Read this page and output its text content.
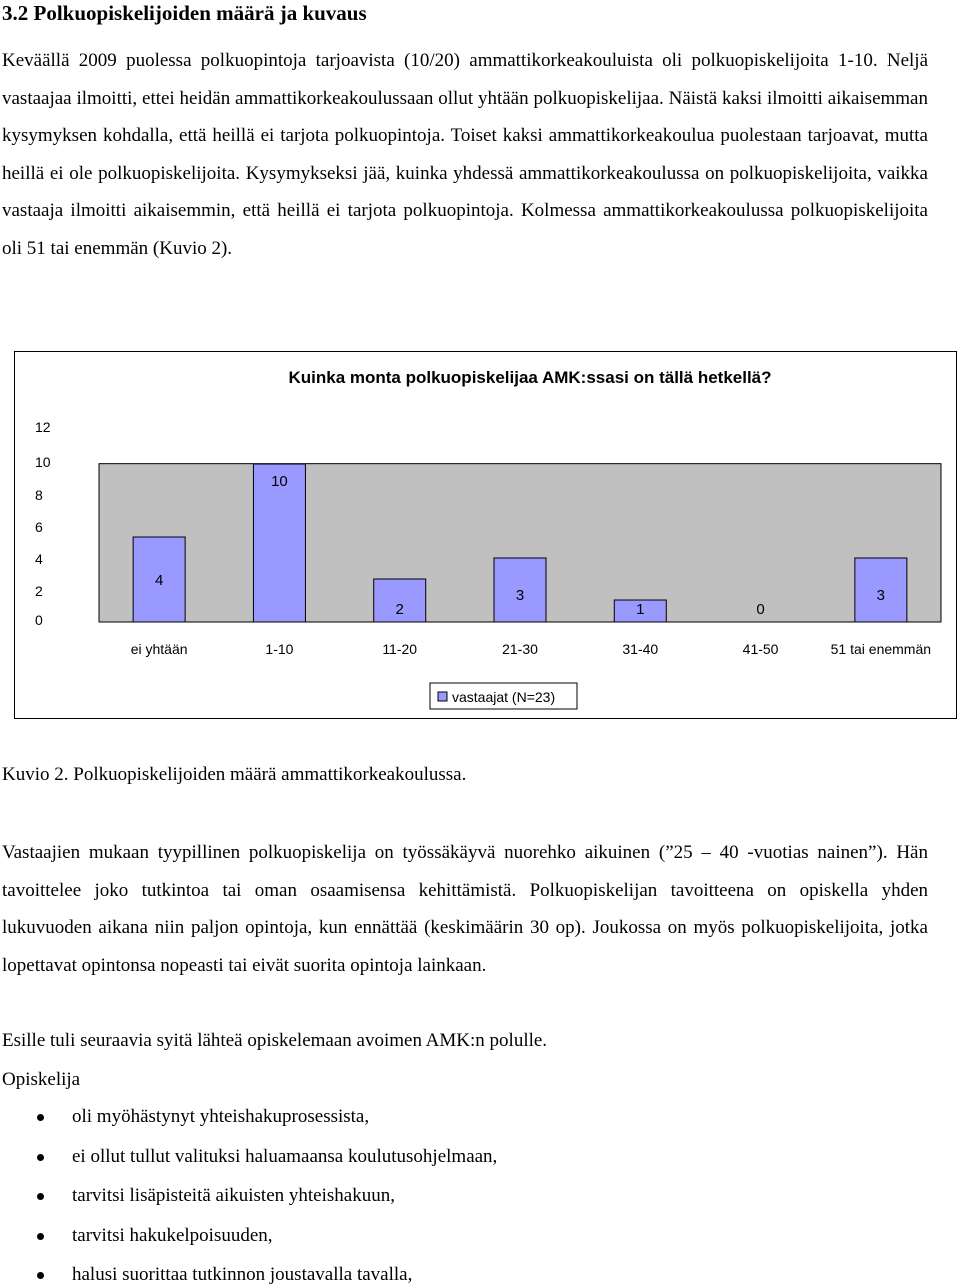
3.2 Polkuopiskelijoiden määrä ja kuvaus

Keväällä 2009 puolessa polkuopintoja tarjoavista (10/20) ammattikorkeakouluista oli polkuopiskelijoita 1-10. Neljä vastaajaa ilmoitti, ettei heidän ammattikorkeakoulussaan ollut yhtään polkuopiskelijaa. Näistä kaksi ilmoitti aikaisemman kysymyksen kohdalla, että heillä ei tarjota polkuopintoja. Toiset kaksi ammattikorkeakoulua puolestaan tarjoavat, mutta heillä ei ole polkuopiskelijoita. Kysymykseksi jää, kuinka yhdessä ammattikorkeakoulussa on polkuopiskelijoita, vaikka vastaaja ilmoitti aikaisemmin, että heillä ei tarjota polkuopintoja. Kolmessa ammattikorkeakoulussa polkuopiskelijoita oli 51 tai enemmän (Kuvio 2).

Kuinka monta polkuopiskelijaa AMK:ssasi on tällä hetkellä?
0
2
4
6
8
10
12
4
ei yhtään
10
1-10
2
11-20
3
21-30
1
31-40
0
41-50
3
51 tai enemmän
vastaajat (N=23)

Kuvio 2. Polkuopiskelijoiden määrä ammattikorkeakoulussa.

Vastaajien mukaan tyypillinen polkuopiskelija on työssäkäyvä nuorehko aikuinen (”25 – 40 -vuotias nainen”). Hän tavoittelee joko tutkintoa tai oman osaamisensa kehittämistä. Polkuopiskelijan tavoitteena on opiskella yhden lukuvuoden aikana niin paljon opintoja, kun ennättää (keskimäärin 30 op). Joukossa on myös polkuopiskelijoita, jotka lopettavat opintonsa nopeasti tai eivät suorita opintoja lainkaan.

Esille tuli seuraavia syitä lähteä opiskelemaan avoimen AMK:n polulle.

Opiskelija

oli myöhästynyt yhteishakuprosessista,
ei ollut tullut valituksi haluamaansa koulutusohjelmaan,
tarvitsi lisäpisteitä aikuisten yhteishakuun,
tarvitsi hakukelpoisuuden,
halusi suorittaa tutkinnon joustavalla tavalla,
